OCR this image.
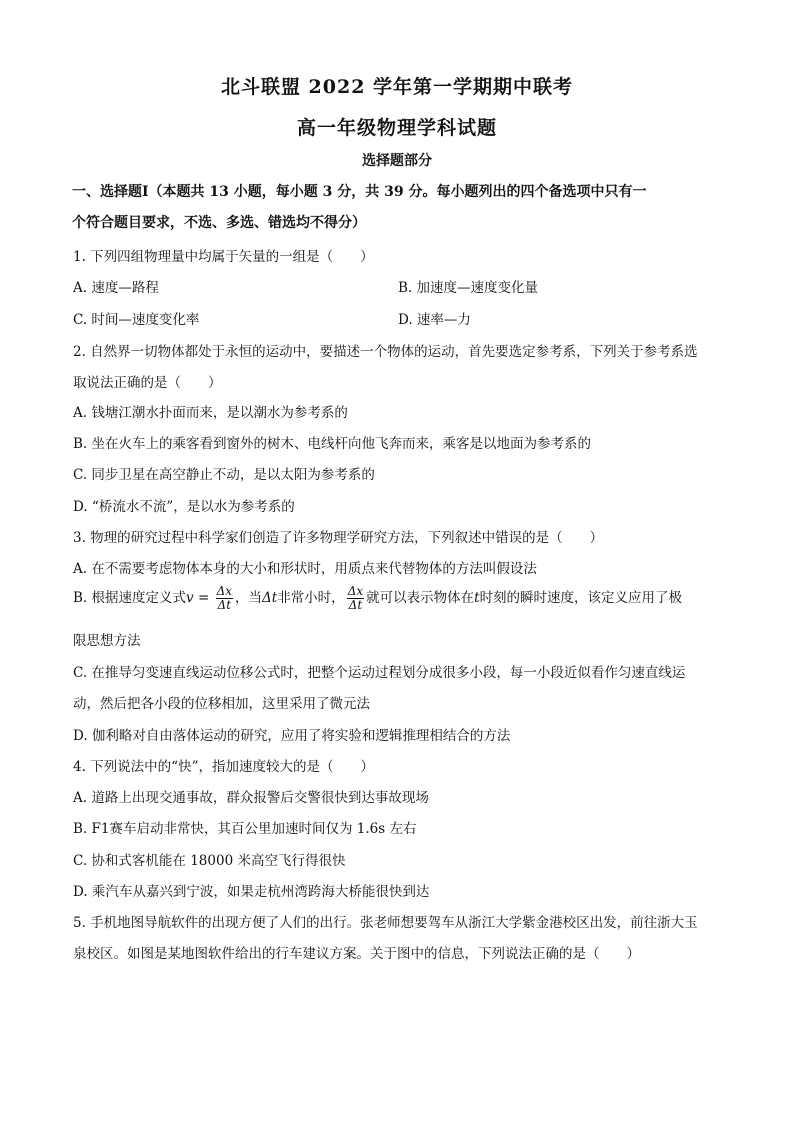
北斗联盟 2022 学年第一学期期中联考
高一年级物理学科试题
选择题部分
一、选择题Ⅰ（本题共 13 小题，每小题 3 分，共 39 分。每小题列出的四个备选项中只有一
个符合题目要求，不选、多选、错选均不得分）
1. 下列四组物理量中均属于矢量的一组是（　　）
A. 速度—路程	B. 加速度—速度变化量
C. 时间—速度变化率	D. 速率—力
2. 自然界一切物体都处于永恒的运动中，要描述一个物体的运动，首先要选定参考系，下列关于参考系选
取说法正确的是（　　）
A. 钱塘江潮水扑面而来，是以潮水为参考系的
B. 坐在火车上的乘客看到窗外的树木、电线杆向他飞奔而来，乘客是以地面为参考系的
C. 同步卫星在高空静止不动，是以太阳为参考系的
D. “桥流水不流”，是以水为参考系的
3. 物理的研究过程中科学家们创造了许多物理学研究方法，下列叙述中错误的是（　　）
A. 在不需要考虑物体本身的大小和形状时，用质点来代替物体的方法叫假设法
B. 根据速度定义式$v = \frac{\Delta x}{\Delta t}$ ，当Δt非常小时， $\frac{\Delta x}{\Delta t}$ 就可以表示物体在t时刻的瞬时速度，该定义应用了极
限思想方法
C. 在推导匀变速直线运动位移公式时，把整个运动过程划分成很多小段，每一小段近似看作匀速直线运
动，然后把各小段的位移相加，这里采用了微元法
D. 伽利略对自由落体运动的研究，应用了将实验和逻辑推理相结合的方法
4. 下列说法中的“快”，指加速度较大的是（　　）
A. 道路上出现交通事故，群众报警后交警很快到达事故现场
B. F1赛车启动非常快，其百公里加速时间仅为 1.6s 左右
C. 协和式客机能在 18000 米高空飞行得很快
D. 乘汽车从嘉兴到宁波，如果走杭州湾跨海大桥能很快到达
5. 手机地图导航软件的出现方便了人们的出行。张老师想要驾车从浙江大学紫金港校区出发，前往浙大玉
泉校区。如图是某地图软件给出的行车建议方案。关于图中的信息，下列说法正确的是（　　）
